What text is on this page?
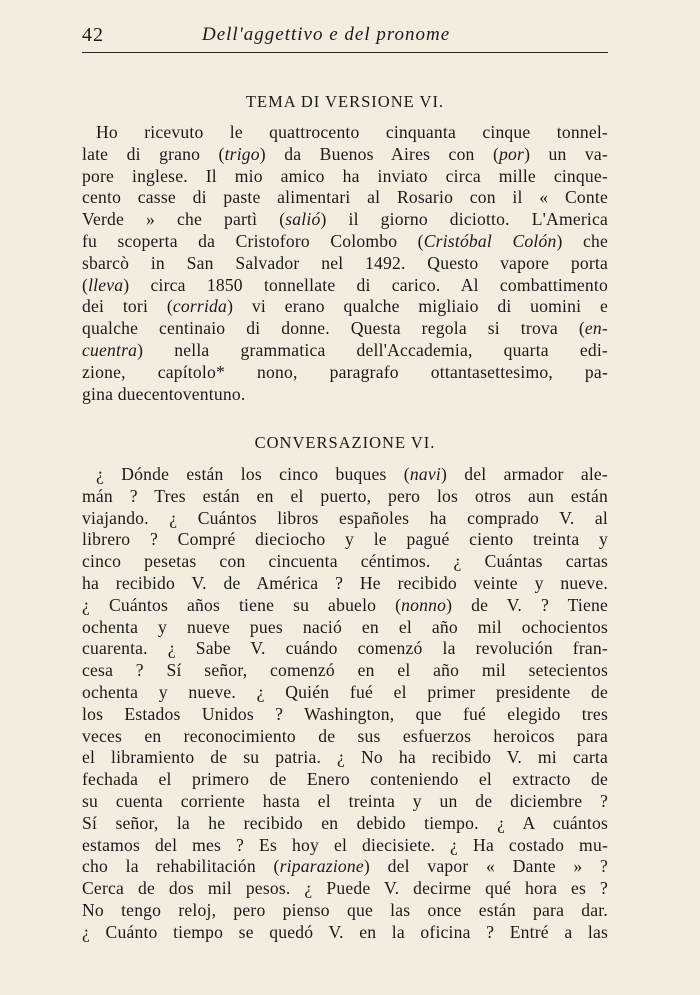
42	Dell'aggettivo e del pronome
TEMA DI VERSIONE VI.
Ho ricevuto le quattrocento cinquanta cinque tonnel-
late di grano (trigo) da Buenos Aires con (por) un va-
pore inglese. Il mio amico ha inviato circa mille cinque-
cento casse di paste alimentari al Rosario con il « Conte
Verde » che partì (salió) il giorno diciotto. L'America
fu scoperta da Cristoforo Colombo (Cristóbal Colón) che
sbarcò in San Salvador nel 1492. Questo vapore porta
(lleva) circa 1850 tonnellate di carico. Al combattimento
dei tori (corrida) vi erano qualche migliaio di uomini e
qualche centinaio di donne. Questa regola si trova (en-
cuentra) nella grammatica dell'Accademia, quarta edi-
zione, capítolo* nono, paragrafo ottantasettesimo, pa-
gina duecentoventuno.
CONVERSAZIONE VI.
¿ Dónde están los cinco buques (navi) del armador ale-
mán ? Tres están en el puerto, pero los otros aun están
viajando. ¿ Cuántos libros españoles ha comprado V. al
librero ? Compré dieciocho y le pagué ciento treinta y
cinco pesetas con cincuenta céntimos. ¿ Cuántas cartas
ha recibido V. de América ? He recibido veinte y nueve.
¿ Cuántos años tiene su abuelo (nonno) de V. ? Tiene
ochenta y nueve pues nació en el año mil ochocientos
cuarenta. ¿ Sabe V. cuándo comenzó la revolución fran-
cesa ? Sí señor, comenzó en el año mil setecientos
ochenta y nueve. ¿ Quién fué el primer presidente de
los Estados Unidos ? Washington, que fué elegido tres
veces en reconocimiento de sus esfuerzos heroicos para
el libramiento de su patria. ¿ No ha recibido V. mi carta
fechada el primero de Enero conteniendo el extracto de
su cuenta corriente hasta el treinta y un de diciembre ?
Sí señor, la he recibido en debido tiempo. ¿ A cuántos
estamos del mes ? Es hoy el diecisiete. ¿ Ha costado mu-
cho la rehabilitación (riparazione) del vapor « Dante » ?
Cerca de dos mil pesos. ¿ Puede V. decirme qué hora es ?
No tengo reloj, pero pienso que las once están para dar.
¿ Cuánto tiempo se quedó V. en la oficina ? Entré a las
